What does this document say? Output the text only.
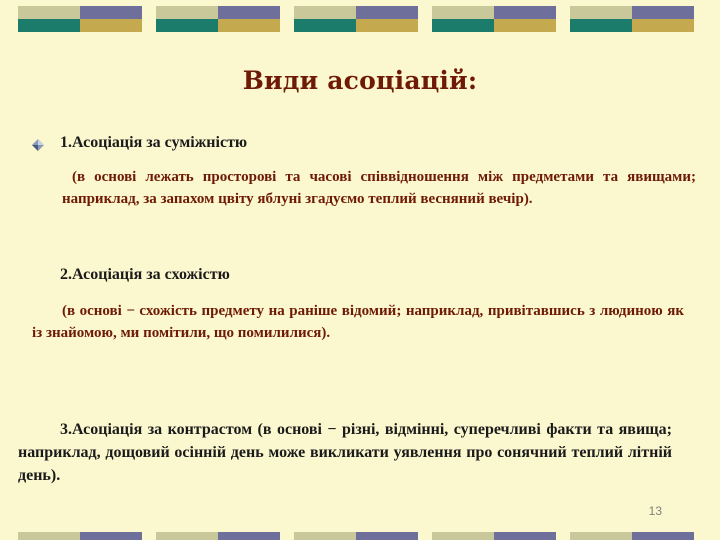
Види асоціацій:
1.Асоціація за суміжністю
(в основі лежать просторові та часові співвідношення між предметами та явищами; наприклад, за запахом цвіту яблуні згадуємо теплий весняний вечір).
2.Асоціація за схожістю
(в основі − схожість предмету на раніше відомий; наприклад, привітавшись з людиною як із знайомою, ми помітили, що помилилися).
3.Асоціація за контрастом (в основі − різні, відмінні, суперечливі факти та явища; наприклад, дощовий осінній день може викликати уявлення про сонячний теплий літній день).
13
